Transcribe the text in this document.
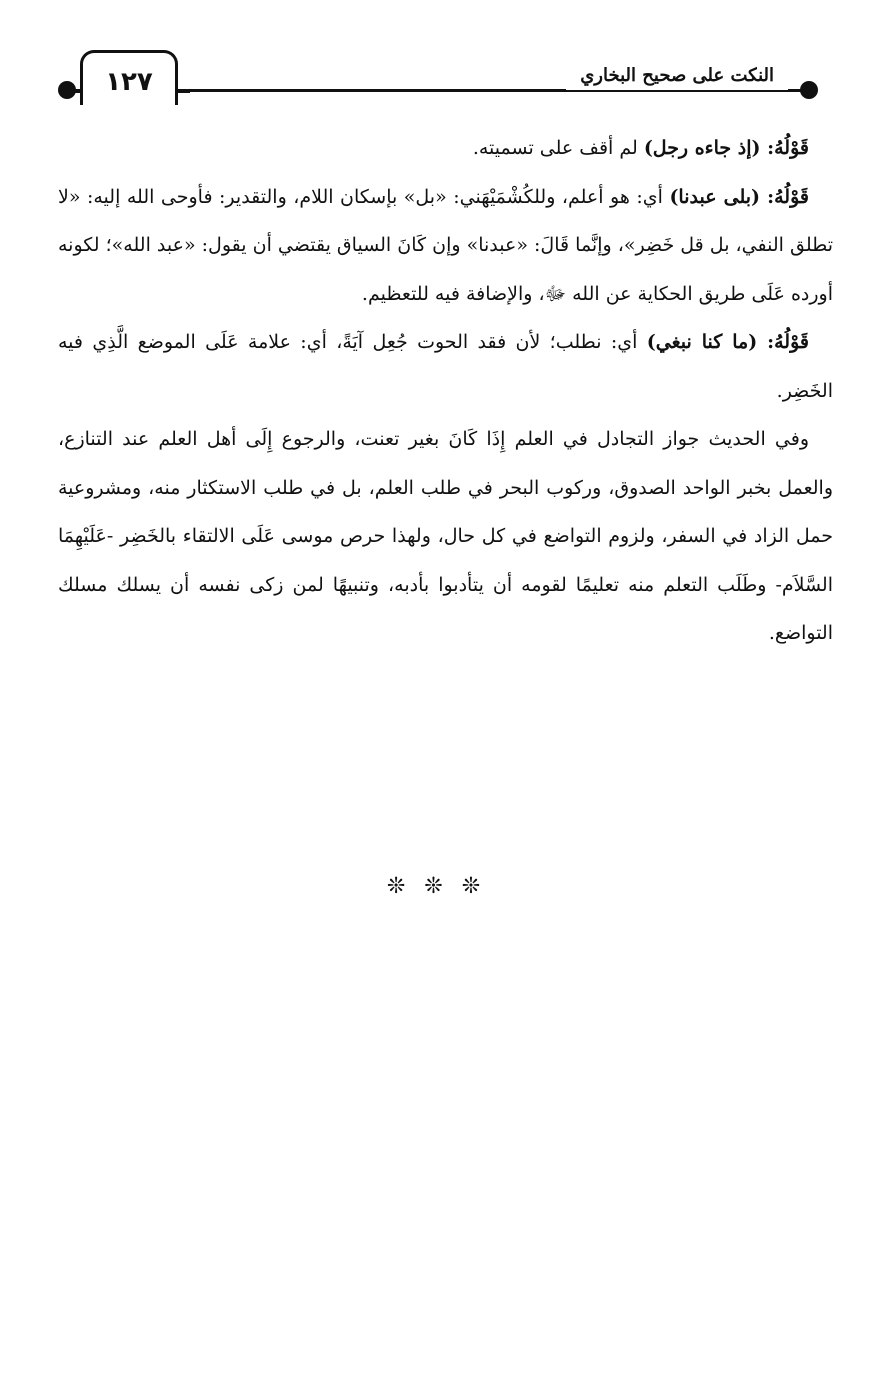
١٢٧	النكت على صحيح البخاري

قَوْلُهُ: (إذ جاءه رجل) لم أقف على تسميته.

قَوْلُهُ: (بلى عبدنا) أي: هو أعلم، وللكُشْمَيْهَني: «بل» بإسكان اللام، والتقدير: فأوحى الله إليه: «لا تطلق النفي، بل قل خَضِر»، وإنَّما قَالَ: «عبدنا» وإن كَانَ السياق يقتضي أن يقول: «عبد الله»؛ لكونه أورده عَلَى طريق الحكاية عن الله ﷻ، والإضافة فيه للتعظيم.

قَوْلُهُ: (ما كنا نبغي) أي: نطلب؛ لأن فقد الحوت جُعِل آيَةً، أي: علامة عَلَى الموضع الَّذِي فيه الخَضِر.

وفي الحديث جواز التجادل في العلم إِذَا كَانَ بغير تعنت، والرجوع إِلَى أهل العلم عند التنازع، والعمل بخبر الواحد الصدوق، وركوب البحر في طلب العلم، بل في طلب الاستكثار منه، ومشروعية حمل الزاد في السفر، ولزوم التواضع في كل حال، ولهذا حرص موسى عَلَى الالتقاء بالخَضِر -عَلَيْهِمَا السَّلاَم- وطَلَب التعلم منه تعليمًا لقومه أن يتأدبوا بأدبه، وتنبيهًا لمن زكى نفسه أن يسلك مسلك التواضع.

❊ ❊ ❊
